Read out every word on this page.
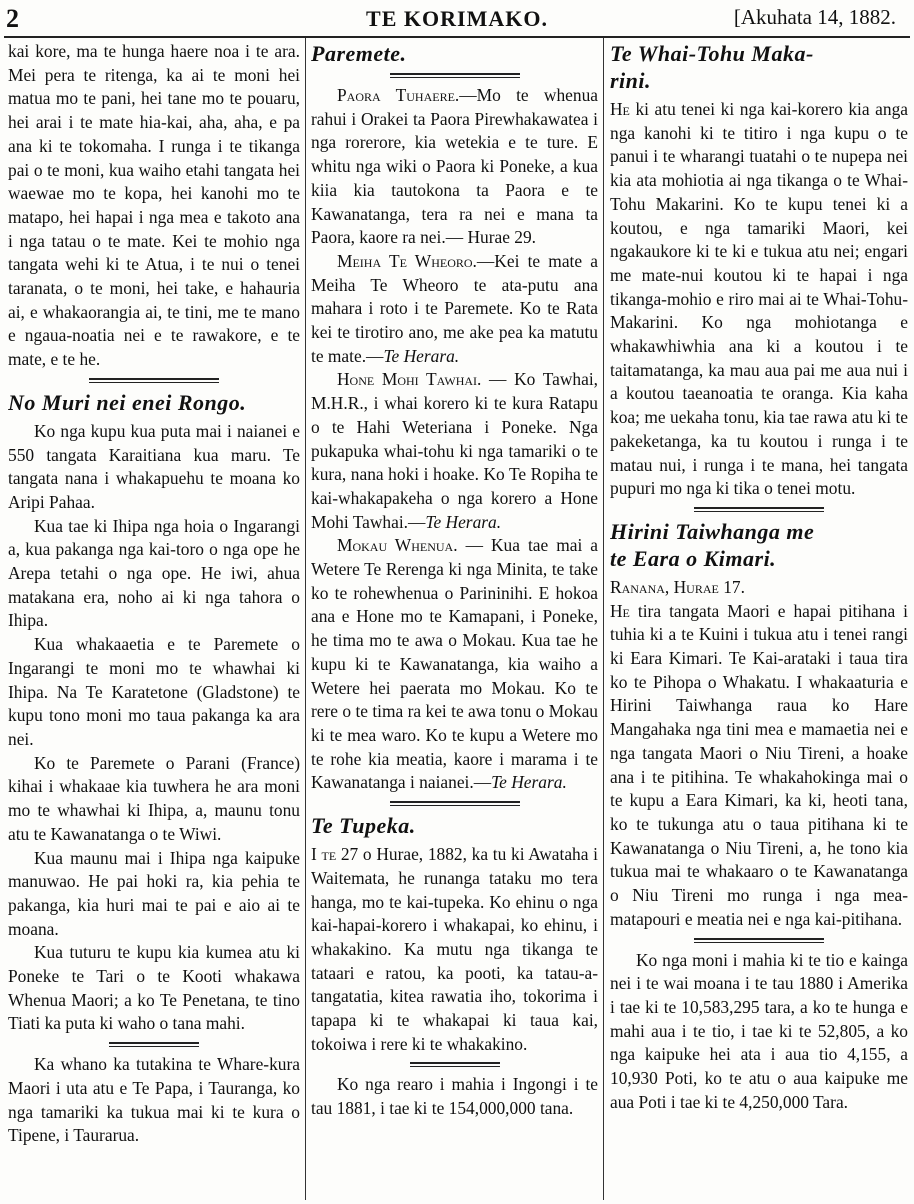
2	TE KORIMAKO.	[Akuhata 14, 1882.

kai kore, ma te hunga haere noa i te ara. Mei pera te ritenga, ka ai te moni hei matua mo te pani, hei tane mo te pouaru, hei arai i te mate hia-kai, aha, aha, e pa ana ki te tokomaha. I runga i te tikanga pai o te moni, kua waiho etahi tangata hei waewae mo te kopa, hei kanohi mo te matapo, hei hapai i nga mea e takoto ana i nga tatau o te mate. Kei te mohio nga tangata wehi ki te Atua, i te nui o tenei taranata, o te moni, hei take, e hahauria ai, e whakaorangia ai, te tini, me te mano e ngaua-noatia nei e te rawakore, e te mate, e te he.

No Muri nei enei Rongo.

Ko nga kupu kua puta mai i naianei e 550 tangata Karaitiana kua maru. Te tangata nana i whakapuehu te moana ko Aripi Pahaa.

Kua tae ki Ihipa nga hoia o Ingarangi a, kua pakanga nga kai-toro o nga ope he Arepa tetahi o nga ope. He iwi, ahua matakana era, noho ai ki nga tahora o Ihipa.

Kua whakaaetia e te Paremete o Ingarangi te moni mo te whawhai ki Ihipa. Na Te Karatetone (Gladstone) te kupu tono moni mo taua pakanga ka ara nei.

Ko te Paremete o Parani (France) kihai i whakaae kia tuwhera he ara moni mo te whawhai ki Ihipa, a, maunu tonu atu te Kawanatanga o te Wiwi.

Kua maunu mai i Ihipa nga kaipuke manuwao. He pai hoki ra, kia pehia te pakanga, kia huri mai te pai e aio ai te moana.

Kua tuturu te kupu kia kumea atu ki Poneke te Tari o te Kooti whakawa Whenua Maori; a ko Te Penetana, te tino Tiati ka puta ki waho o tana mahi.

Ka whano ka tutakina te Whare-kura Maori i uta atu e Te Papa, i Tauranga, ko nga tamariki ka tukua mai ki te kura o Tipene, i Taurarua.

Paremete.

Paora Tuhaere.—Mo te whenua rahui i Orakei ta Paora Pirewhakawatea i nga rorerore, kia wetekia e te ture. E whitu nga wiki o Paora ki Poneke, a kua kiia kia tautokona ta Paora e te Kawanatanga, tera ra nei e mana ta Paora, kaore ra nei.— Hurae 29.

Meiha Te Wheoro.—Kei te mate a Meiha Te Wheoro te ata-putu ana mahara i roto i te Paremete. Ko te Rata kei te tirotiro ano, me ake pea ka matutu te mate.—Te Herara.

Hone Mohi Tawhai. — Ko Tawhai, M.H.R., i whai korero ki te kura Ratapu o te Hahi Weteriana i Poneke. Nga pukapuka whai-tohu ki nga tamariki o te kura, nana hoki i hoake. Ko Te Ropiha te kai-whakapakeha o nga korero a Hone Mohi Tawhai.—Te Herara.

Mokau Whenua. — Kua tae mai a Wetere Te Rerenga ki nga Minita, te take ko te rohewhenua o Parininihi. E hokoa ana e Hone mo te Kamapani, i Poneke, he tima mo te awa o Mokau. Kua tae he kupu ki te Kawanatanga, kia waiho a Wetere hei paerata mo Mokau. Ko te rere o te tima ra kei te awa tonu o Mokau ki te mea waro. Ko te kupu a Wetere mo te rohe kia meatia, kaore i marama i te Kawanatanga i naianei.—Te Herara.

Te Tupeka.

I te 27 o Hurae, 1882, ka tu ki Awataha i Waitemata, he runanga tataku mo tera hanga, mo te kai-tupeka. Ko ehinu o nga kai-hapai-korero i whakapai, ko ehinu, i whakakino. Ka mutu nga tikanga te tataari e ratou, ka pooti, ka tatau-a-tangatatia, kitea rawatia iho, tokorima i tapapa ki te whakapai ki taua kai, tokoiwa i rere ki te whakakino.

Ko nga rearo i mahia i Ingongi i te tau 1881, i tae ki te 154,000,000 tana.

Te Whai-Tohu Maka-

rini.

He ki atu tenei ki nga kai-korero kia anga nga kanohi ki te titiro i nga kupu o te panui i te wharangi tuatahi o te nupepa nei kia ata mohiotia ai nga tikanga o te Whai-Tohu Makarini. Ko te kupu tenei ki a koutou, e nga tamariki Maori, kei ngakaukore ki te ki e tukua atu nei; engari me mate-nui koutou ki te hapai i nga tikanga-mohio e riro mai ai te Whai-Tohu-Makarini. Ko nga mohiotanga e whakawhiwhia ana ki a koutou i te taitamatanga, ka mau aua pai me aua nui i a koutou taeanoatia te oranga. Kia kaha koa; me uekaha tonu, kia tae rawa atu ki te pakeketanga, ka tu koutou i runga i te matau nui, i runga i te mana, hei tangata pupuri mo nga ki tika o tenei motu.

Hirini Taiwhanga me

te Eara o Kimari.

Ranana, Hurae 17.

He tira tangata Maori e hapai pitihana i tuhia ki a te Kuini i tukua atu i tenei rangi ki Eara Kimari. Te Kai-arataki i taua tira ko te Pihopa o Whakatu. I whakaaturia e Hirini Taiwhanga raua ko Hare Mangahaka nga tini mea e mamaetia nei e nga tangata Maori o Niu Tireni, a hoake ana i te pitihina. Te whakahokinga mai o te kupu a Eara Kimari, ka ki, heoti tana, ko te tukunga atu o taua pitihana ki te Kawanatanga o Niu Tireni, a, he tono kia tukua mai te whakaaro o te Kawanatanga o Niu Tireni mo runga i nga mea-matapouri e meatia nei e nga kai-pitihana.

Ko nga moni i mahia ki te tio e kainga nei i te wai moana i te tau 1880 i Amerika i tae ki te 10,583,295 tara, a ko te hunga e mahi aua i te tio, i tae ki te 52,805, a ko nga kaipuke hei ata i aua tio 4,155, a 10,930 Poti, ko te atu o aua kaipuke me aua Poti i tae ki te 4,250,000 Tara.
